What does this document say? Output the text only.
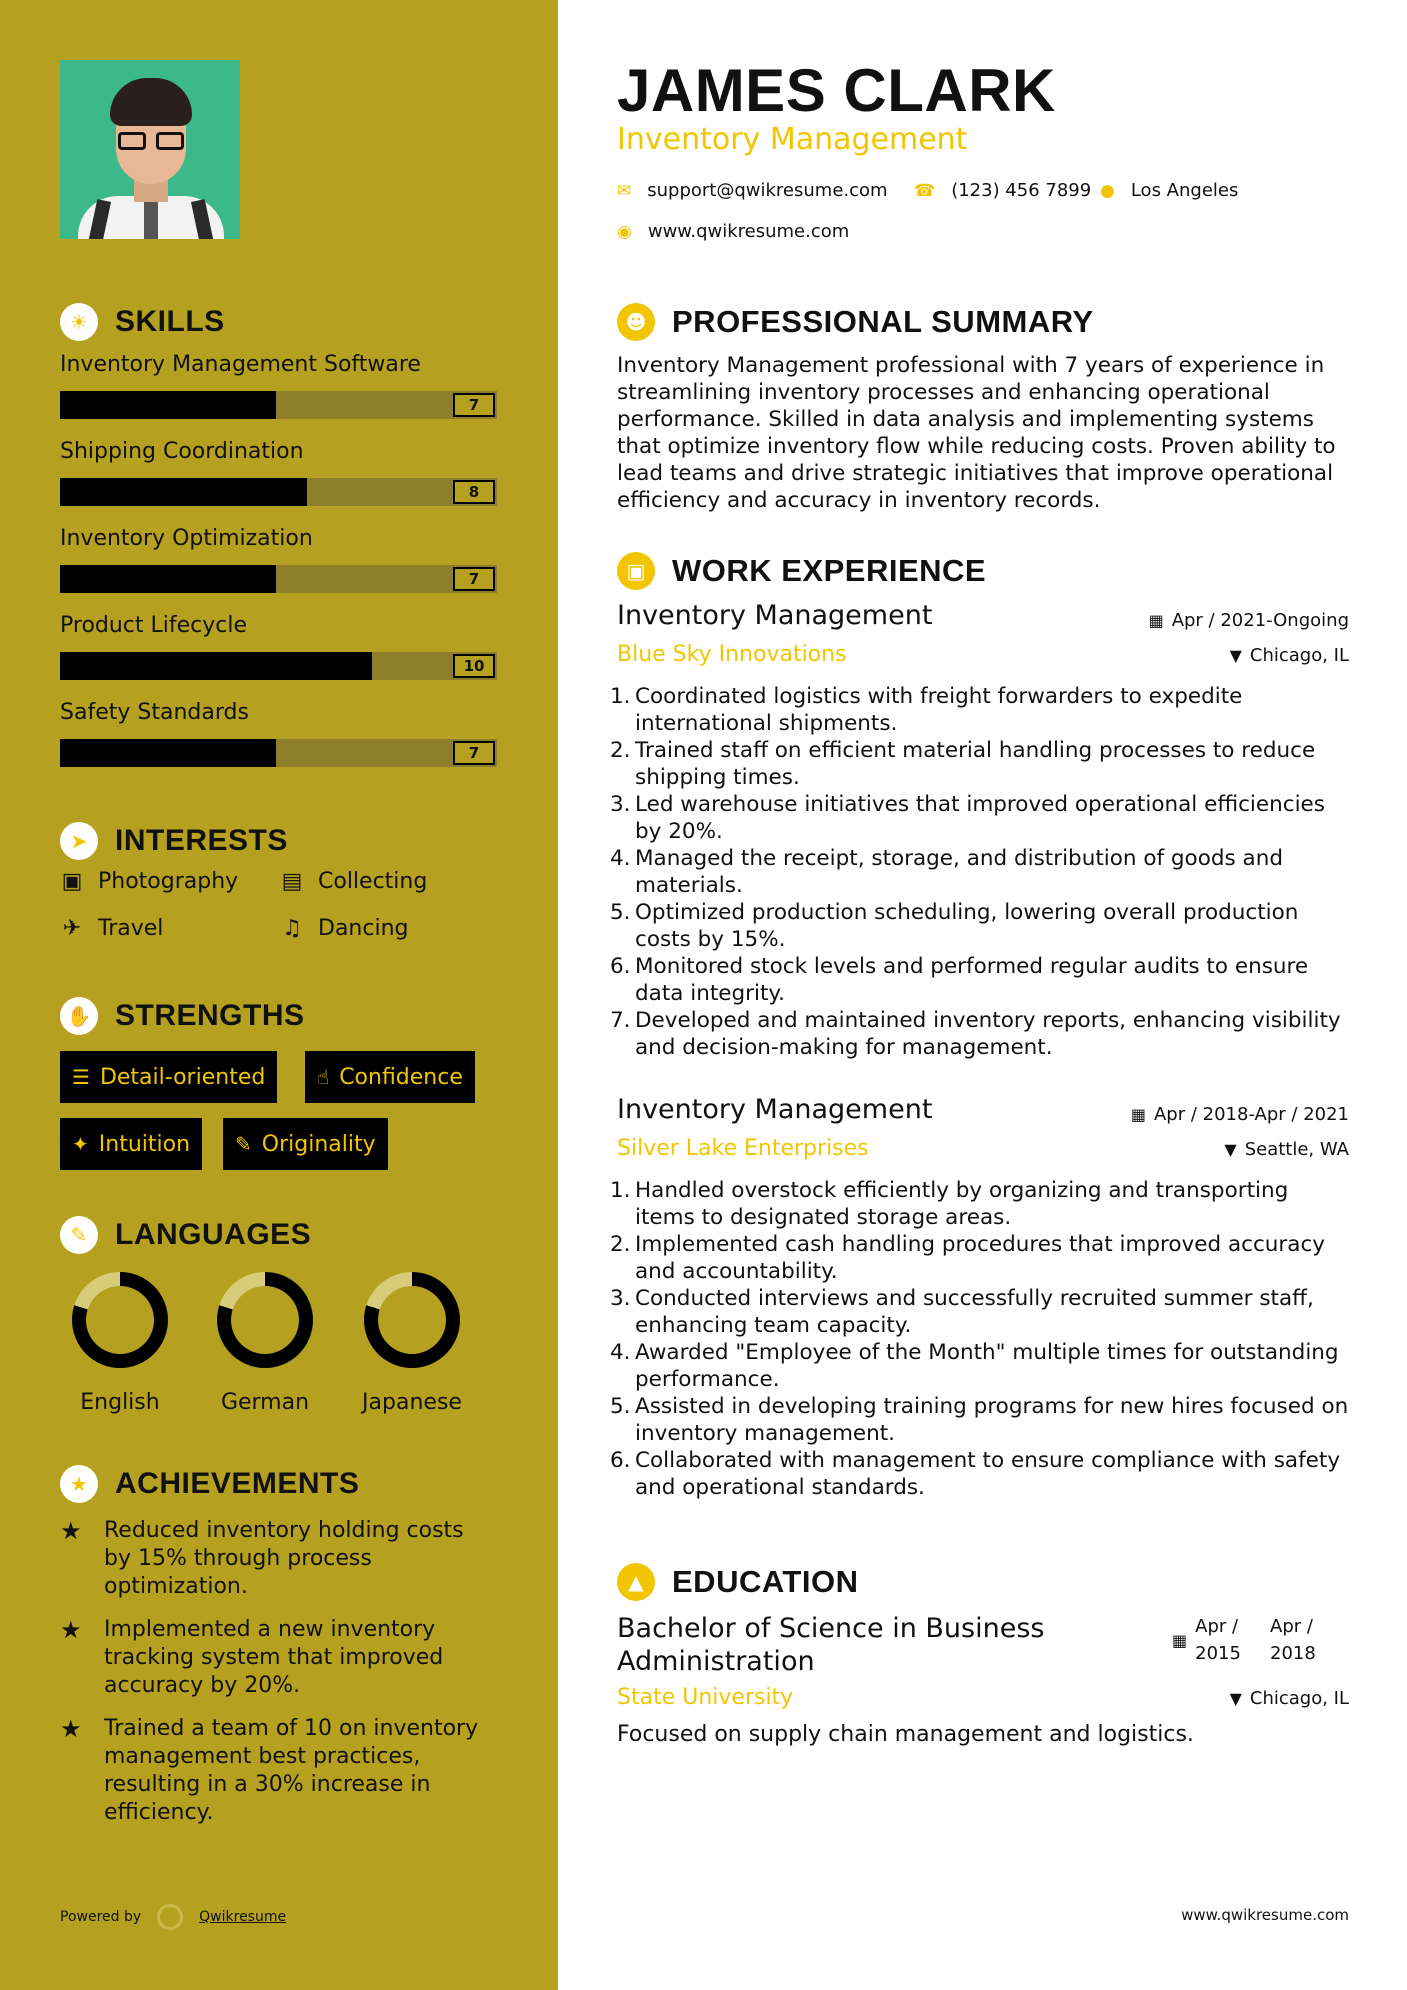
☀ SKILLS
Inventory Management Software
7
Shipping Coordination
8
Inventory Optimization
7
Product Lifecycle
10
Safety Standards
7
➤ INTERESTS
▣ Photography ▤ Collecting
✈ Travel	♫ Dancing
✋ STRENGTHS
☰ Detail-oriented	☝ Confidence
✦ Intuition ✎ Originality
✎ LANGUAGES
English	German	Japanese
★ ACHIEVEMENTS
★	Reduced inventory holding costs by 15% through process optimization.
★	Implemented a new inventory tracking system that improved accuracy by 20%.
★	Trained a team of 10 on inventory management best practices, resulting in a 30% increase in efficiency.
Powered by	Qwikresume
JAMES CLARK
Inventory Management
✉ support@qwikresume.com ☎ (123) 456 7899 ● Los Angeles
◉ www.qwikresume.com
☻ PROFESSIONAL SUMMARY
Inventory Management professional with 7 years of experience in streamlining inventory processes and enhancing operational performance. Skilled in data analysis and implementing systems that optimize inventory flow while reducing costs. Proven ability to lead teams and drive strategic initiatives that improve operational efficiency and accuracy in inventory records.
▣ WORK EXPERIENCE
Inventory Management	▦ Apr / 2021-Ongoing
Blue Sky Innovations	▼ Chicago, IL
1. Coordinated logistics with freight forwarders to expedite international shipments.
2. Trained staff on efficient material handling processes to reduce shipping times.
3. Led warehouse initiatives that improved operational efficiencies by 20%.
4. Managed the receipt, storage, and distribution of goods and materials.
5. Optimized production scheduling, lowering overall production costs by 15%.
6. Monitored stock levels and performed regular audits to ensure data integrity.
7. Developed and maintained inventory reports, enhancing visibility and decision-making for management.
Inventory Management	▦ Apr / 2018-Apr / 2021
Silver Lake Enterprises	▼ Seattle, WA
1. Handled overstock efficiently by organizing and transporting items to designated storage areas.
2. Implemented cash handling procedures that improved accuracy and accountability.
3. Conducted interviews and successfully recruited summer staff, enhancing team capacity.
4. Awarded "Employee of the Month" multiple times for outstanding performance.
5. Assisted in developing training programs for new hires focused on inventory management.
6. Collaborated with management to ensure compliance with safety and operational standards.
▲ EDUCATION
Bachelor of Science in Business Administration
▦
Apr /
2015
Apr /
2018
State University	▼ Chicago, IL
Focused on supply chain management and logistics.
www.qwikresume.com
